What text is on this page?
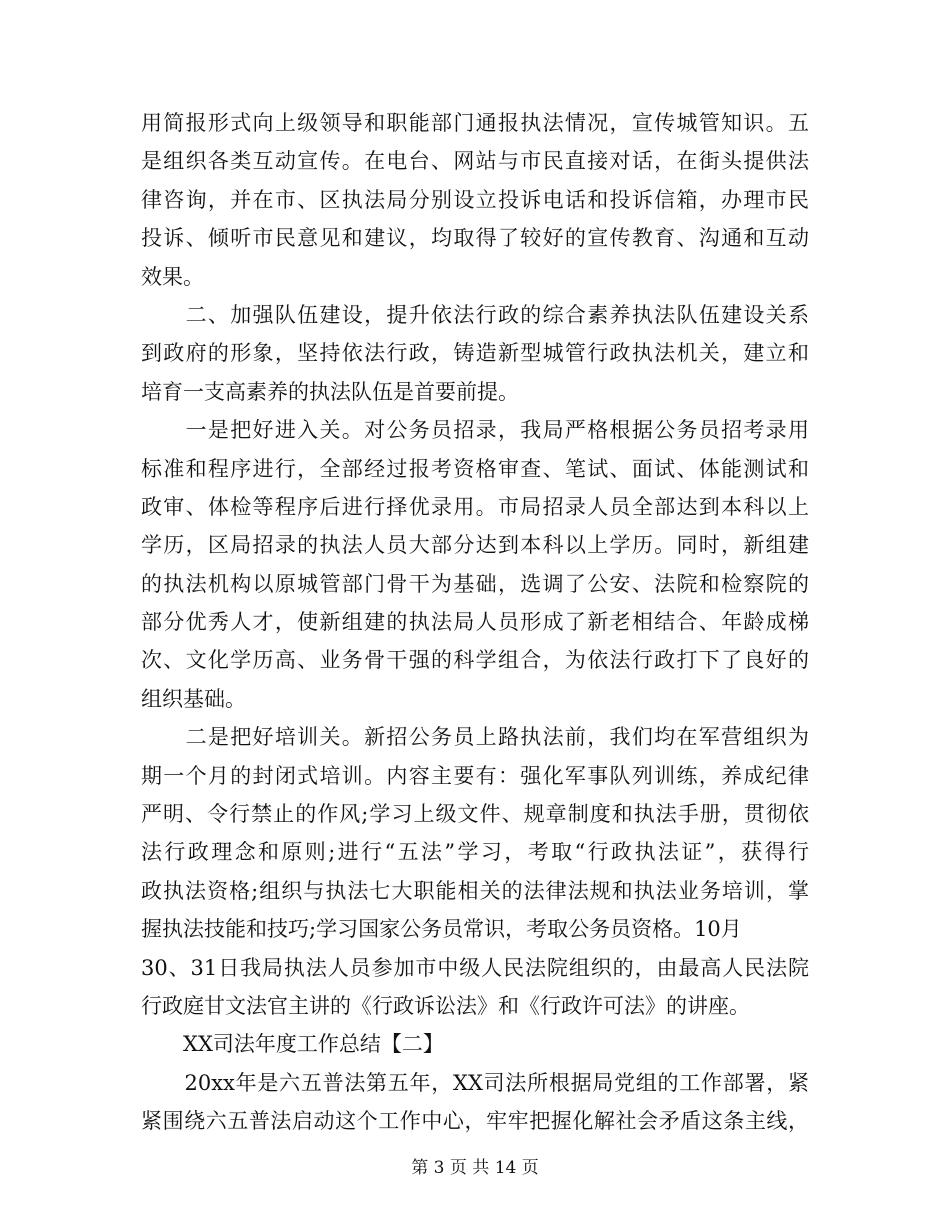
用简报形式向上级领导和职能部门通报执法情况，宣传城管知识。五
是组织各类互动宣传。在电台、网站与市民直接对话，在街头提供法
律咨询，并在市、区执法局分别设立投诉电话和投诉信箱，办理市民
投诉、倾听市民意见和建议，均取得了较好的宣传教育、沟通和互动
效果。
　　二、加强队伍建设，提升依法行政的综合素养执法队伍建设关系
到政府的形象，坚持依法行政，铸造新型城管行政执法机关，建立和
培育一支高素养的执法队伍是首要前提。
　　一是把好进入关。对公务员招录，我局严格根据公务员招考录用
标准和程序进行，全部经过报考资格审查、笔试、面试、体能测试和
政审、体检等程序后进行择优录用。市局招录人员全部达到本科以上
学历，区局招录的执法人员大部分达到本科以上学历。同时，新组建
的执法机构以原城管部门骨干为基础，选调了公安、法院和检察院的
部分优秀人才，使新组建的执法局人员形成了新老相结合、年龄成梯
次、文化学历高、业务骨干强的科学组合，为依法行政打下了良好的
组织基础。
　　二是把好培训关。新招公务员上路执法前，我们均在军营组织为
期一个月的封闭式培训。内容主要有：强化军事队列训练，养成纪律
严明、令行禁止的作风;学习上级文件、规章制度和执法手册，贯彻依
法行政理念和原则;进行“五法”学习，考取“行政执法证”，获得行
政执法资格;组织与执法七大职能相关的法律法规和执法业务培训，掌
握执法技能和技巧;学习国家公务员常识，考取公务员资格。10月
30、31日我局执法人员参加市中级人民法院组织的，由最高人民法院
行政庭甘文法官主讲的《行政诉讼法》和《行政许可法》的讲座。
　　XX司法年度工作总结【二】
　　20xx年是六五普法第五年，XX司法所根据局党组的工作部署，紧
紧围绕六五普法启动这个工作中心，牢牢把握化解社会矛盾这条主线，
第 3 页 共 14 页
